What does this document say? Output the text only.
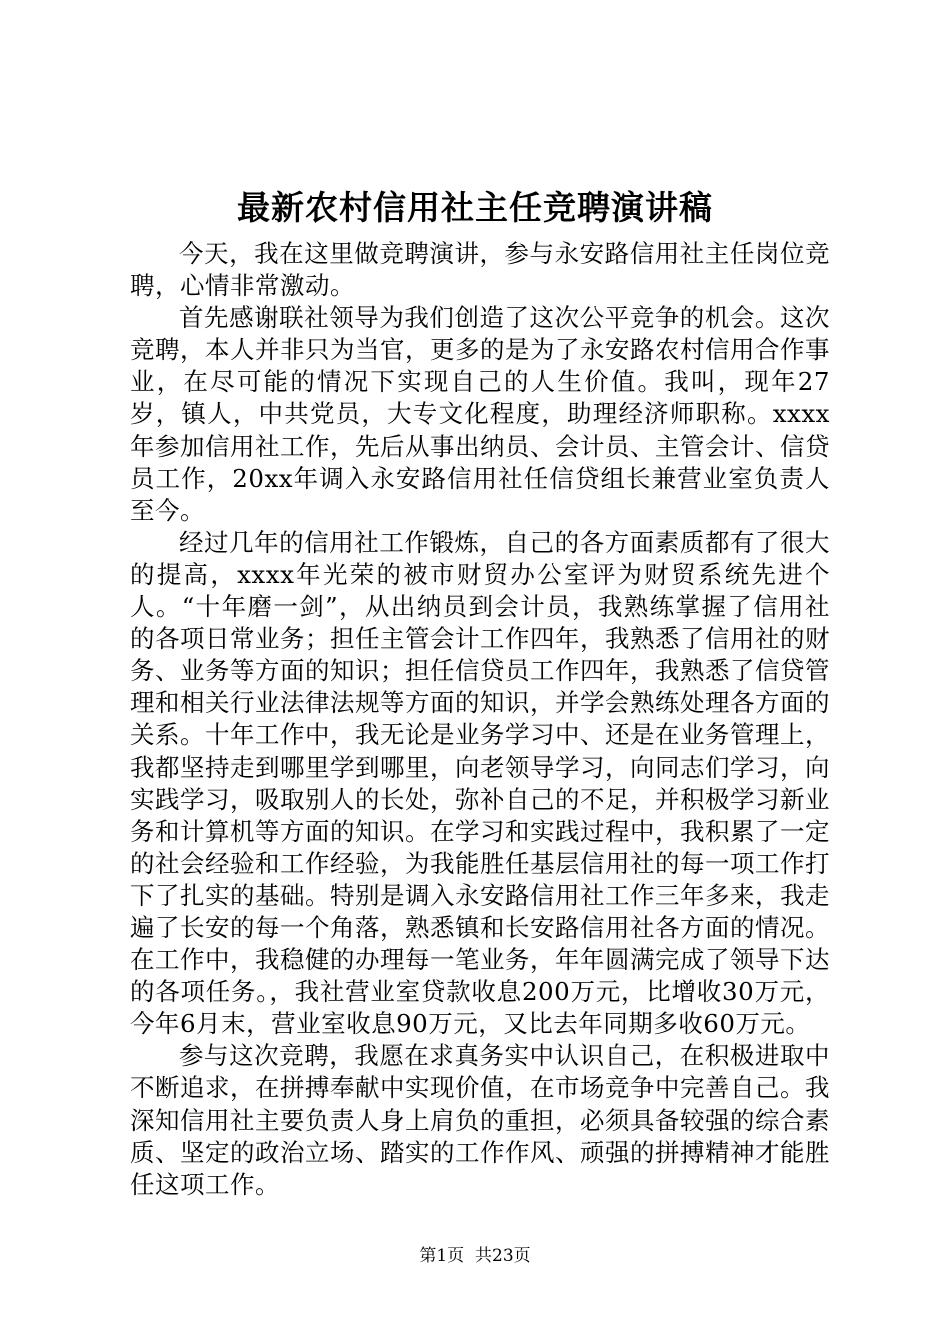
最新农村信用社主任竞聘演讲稿

今天，我在这里做竞聘演讲，参与永安路信用社主任岗位竞聘，心情非常激动。

首先感谢联社领导为我们创造了这次公平竞争的机会。这次竞聘，本人并非只为当官，更多的是为了永安路农村信用合作事业，在尽可能的情况下实现自己的人生价值。我叫，现年27岁，镇人，中共党员，大专文化程度，助理经济师职称。xxxx年参加信用社工作，先后从事出纳员、会计员、主管会计、信贷员工作，20xx年调入永安路信用社任信贷组长兼营业室负责人至今。

经过几年的信用社工作锻炼，自己的各方面素质都有了很大的提高，xxxx年光荣的被市财贸办公室评为财贸系统先进个人。“十年磨一剑”，从出纳员到会计员，我熟练掌握了信用社的各项日常业务；担任主管会计工作四年，我熟悉了信用社的财务、业务等方面的知识；担任信贷员工作四年，我熟悉了信贷管理和相关行业法律法规等方面的知识，并学会熟练处理各方面的关系。十年工作中，我无论是业务学习中、还是在业务管理上，我都坚持走到哪里学到哪里，向老领导学习，向同志们学习，向实践学习，吸取别人的长处，弥补自己的不足，并积极学习新业务和计算机等方面的知识。在学习和实践过程中，我积累了一定的社会经验和工作经验，为我能胜任基层信用社的每一项工作打下了扎实的基础。特别是调入永安路信用社工作三年多来，我走遍了长安的每一个角落，熟悉镇和长安路信用社各方面的情况。在工作中，我稳健的办理每一笔业务，年年圆满完成了领导下达的各项任务。，我社营业室贷款收息200万元，比增收30万元，今年6月末，营业室收息90万元，又比去年同期多收60万元。

参与这次竞聘，我愿在求真务实中认识自己，在积极进取中不断追求，在拼搏奉献中实现价值，在市场竞争中完善自己。我深知信用社主要负责人身上肩负的重担，必须具备较强的综合素质、坚定的政治立场、踏实的工作作风、顽强的拼搏精神才能胜任这项工作。

第1页 共23页
